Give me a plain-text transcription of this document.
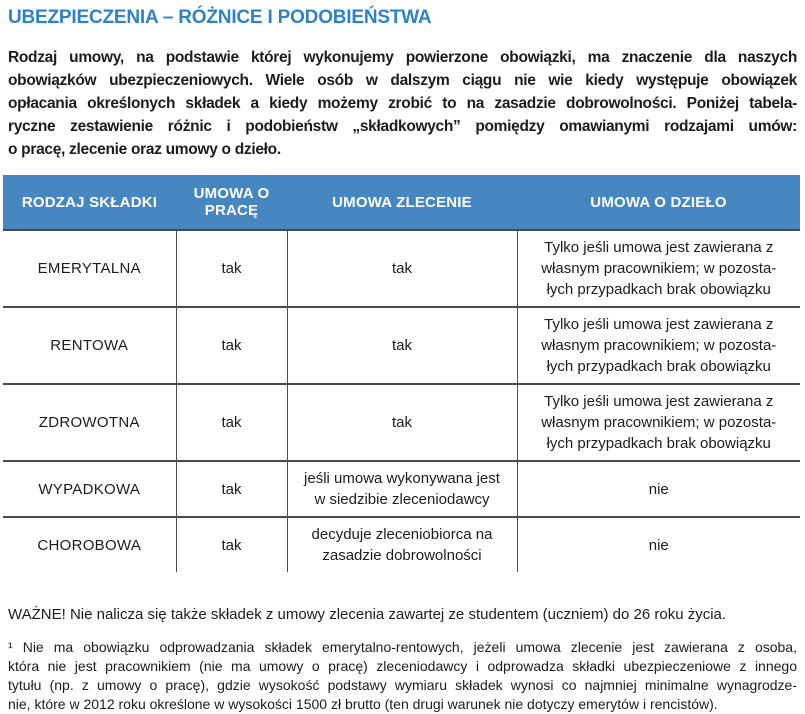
UBEZPIECZENIA – RÓŻNICE I PODOBIEŃSTWA
Rodzaj umowy, na podstawie której wykonujemy powierzone obowiązki, ma znaczenie dla naszych
obowiązków ubezpieczeniowych. Wiele osób w dalszym ciągu nie wie kiedy występuje obowiązek
opłacania określonych składek a kiedy możemy zrobić to na zasadzie dobrowolności. Poniżej tabela-
ryczne zestawienie różnic i podobieństw „składkowych” pomiędzy omawianymi rodzajami umów:
o pracę, zlecenie oraz umowy o dzieło.
RODZAJ SKŁADKI	UMOWA O PRACĘ	UMOWA ZLECENIE	UMOWA O DZIEŁO
EMERYTALNA	tak	tak	Tylko jeśli umowa jest zawierana z własnym pracownikiem; w pozostałych przypadkach brak obowiązku
RENTOWA	tak	tak	Tylko jeśli umowa jest zawierana z własnym pracownikiem; w pozostałych przypadkach brak obowiązku
ZDROWOTNA	tak	tak	Tylko jeśli umowa jest zawierana z własnym pracownikiem; w pozostałych przypadkach brak obowiązku
WYPADKOWA	tak	jeśli umowa wykonywana jest w siedzibie zleceniodawcy	nie
CHOROBOWA	tak	decyduje zleceniobiorca na zasadzie dobrowolności	nie
WAŻNE! Nie nalicza się także składek z umowy zlecenia zawartej ze studentem (uczniem) do 26 roku życia.
¹ Nie ma obowiązku odprowadzania składek emerytalno-rentowych, jeżeli umowa zlecenie jest zawierana z osoba,
która nie jest pracownikiem (nie ma umowy o pracę) zleceniodawcy i odprowadza składki ubezpieczeniowe z innego
tytułu (np. z umowy o pracę), gdzie wysokość podstawy wymiaru składek wynosi co najmniej minimalne wynagrodze-
nie, które w 2012 roku określone w wysokości 1500 zł brutto (ten drugi warunek nie dotyczy emerytów i rencistów).
